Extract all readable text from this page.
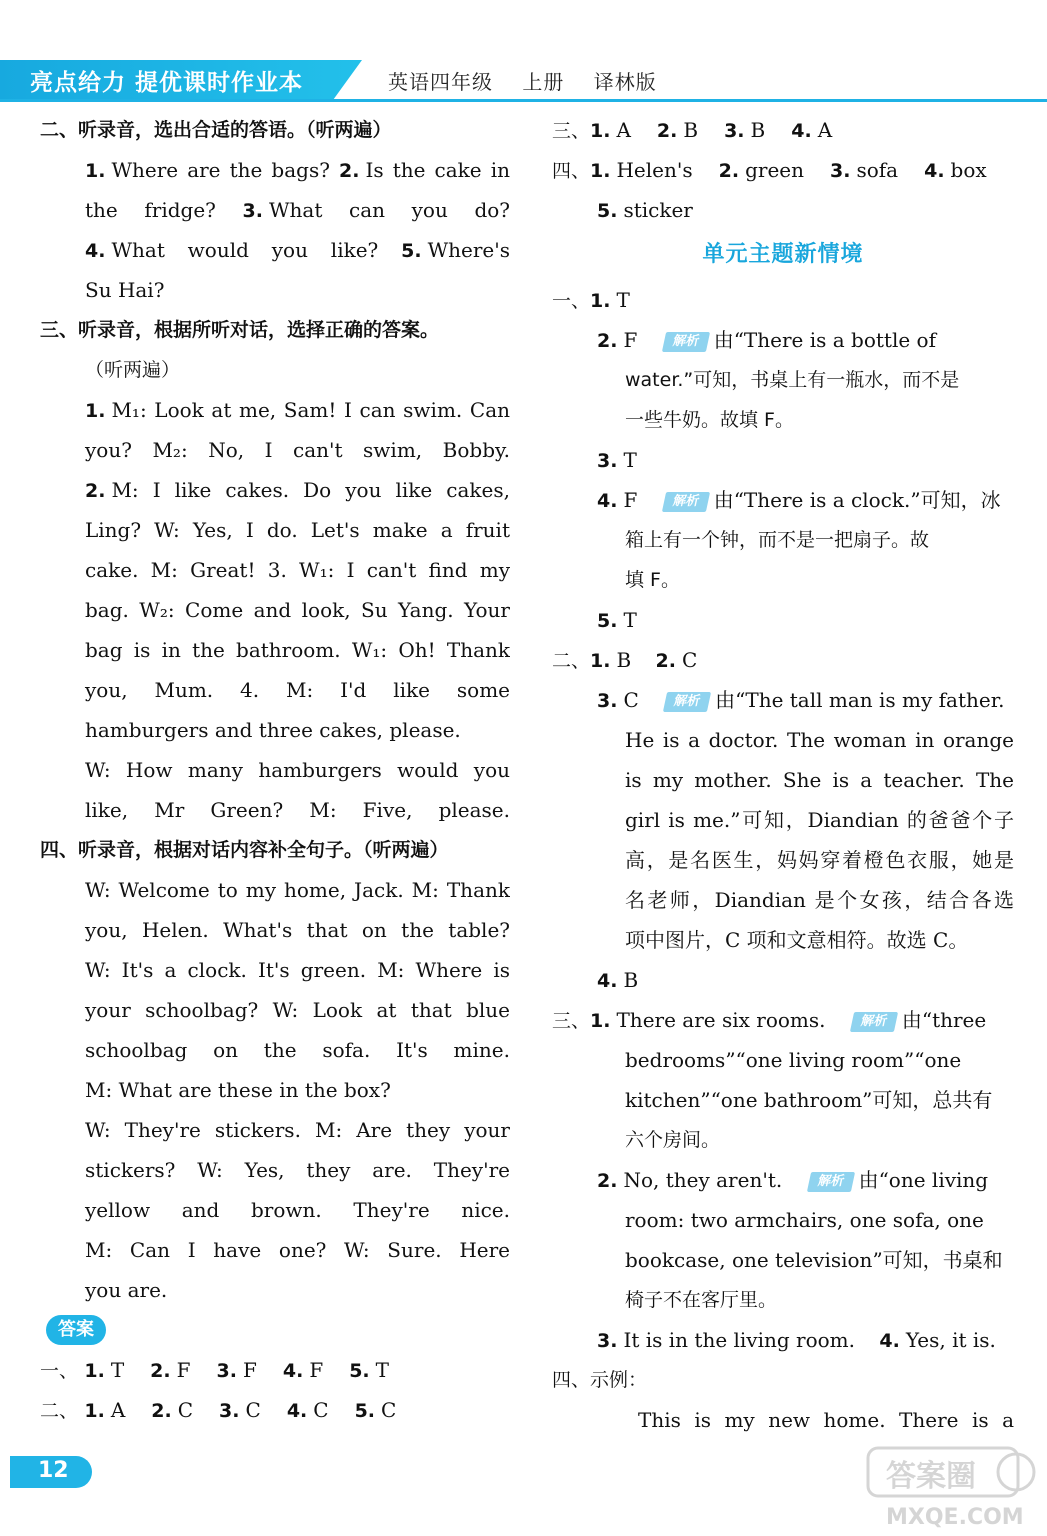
亮点给力 提优课时作业本	英语四年级 上册 译林版
二、听录音，选出合适的答语。（听两遍）
1. Where are the bags? 2. Is the cake in
the fridge? 3. What can you do?
4. What would you like? 5. Where's
Su Hai?
三、听录音，根据所听对话，选择正确的答案。
（听两遍）
1. M₁: Look at me, Sam! I can swim. Can
you? M₂: No, I can't swim, Bobby.
2. M: I like cakes. Do you like cakes,
Ling? W: Yes, I do. Let's make a fruit
cake. M: Great! 3. W₁: I can't find my
bag. W₂: Come and look, Su Yang. Your
bag is in the bathroom. W₁: Oh! Thank
you, Mum. 4. M: I'd like some
hamburgers and three cakes, please.
W: How many hamburgers would you
like, Mr Green? M: Five, please.
四、听录音，根据对话内容补全句子。（听两遍）
W: Welcome to my home, Jack. M: Thank
you, Helen. What's that on the table?
W: It's a clock. It's green. M: Where is
your schoolbag? W: Look at that blue
schoolbag on the sofa. It's mine.
M: What are these in the box?
W: They're stickers. M: Are they your
stickers? W: Yes, they are. They're
yellow and brown. They're nice.
M: Can I have one? W: Sure. Here
you are.
答案
一、 1. T 2. F 3. F 4. F 5. T
二、 1. A 2. C 3. C 4. C 5. C
三、1. A 2. B 3. B 4. A
四、1. Helen's 2. green 3. sofa 4. box
5. sticker
单元主题新情境
一、1. T
2. F	解析 由“There is a bottle of
water.”可知，书桌上有一瓶水，而不是
一些牛奶。故填 F。
3. T
4. F	解析 由“There is a clock.”可知，冰
箱上有一个钟，而不是一把扇子。故
填 F。
5. T
二、1. B 2. C
3. C	解析 由“The tall man is my father.
He is a doctor. The woman in orange
is my mother. She is a teacher. The
girl is me.”可知，Diandian 的爸爸个子
高，是名医生，妈妈穿着橙色衣服，她是
名老师，Diandian 是个女孩，结合各选
项中图片，C 项和文意相符。故选 C。
4. B
三、1. There are six rooms.	解析 由“three
bedrooms”“one living room”“one
kitchen”“one bathroom”可知，总共有
六个房间。
2. No, they aren't.	解析 由“one living
room: two armchairs, one sofa, one
bookcase, one television”可知，书桌和
椅子不在客厅里。
3. It is in the living room. 4. Yes, it is.
四、示例：
This is my new home. There is a
12	答案圈
MXQE.COM
